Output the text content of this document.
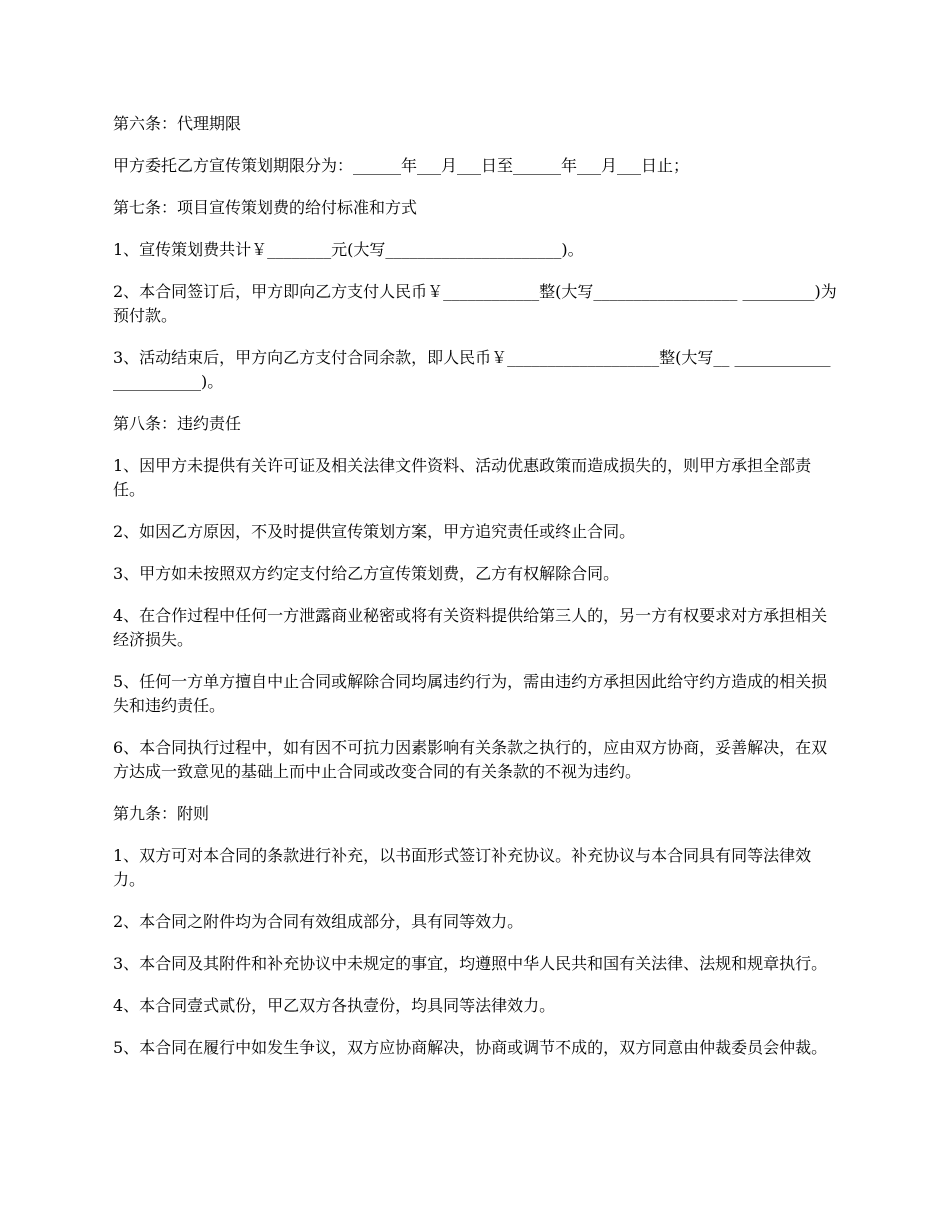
第六条：代理期限

甲方委托乙方宣传策划期限分为：______年___月___日至______年___月___日止；

第七条：项目宣传策划费的给付标准和方式

1、宣传策划费共计￥________元(大写______________________)。

2、本合同签订后，甲方即向乙方支付人民币￥____________整(大写__________________ _________)为预付款。

3、活动结束后，甲方向乙方支付合同余款，即人民币￥___________________整(大写__ _______________________)。

第八条：违约责任

1、因甲方未提供有关许可证及相关法律文件资料、活动优惠政策而造成损失的，则甲方承担全部责任。

2、如因乙方原因，不及时提供宣传策划方案，甲方追究责任或终止合同。

3、甲方如未按照双方约定支付给乙方宣传策划费，乙方有权解除合同。

4、在合作过程中任何一方泄露商业秘密或将有关资料提供给第三人的，另一方有权要求对方承担相关经济损失。

5、任何一方单方擅自中止合同或解除合同均属违约行为，需由违约方承担因此给守约方造成的相关损失和违约责任。

6、本合同执行过程中，如有因不可抗力因素影响有关条款之执行的，应由双方协商，妥善解决，在双方达成一致意见的基础上而中止合同或改变合同的有关条款的不视为违约。

第九条：附则

1、双方可对本合同的条款进行补充，以书面形式签订补充协议。补充协议与本合同具有同等法律效力。

2、本合同之附件均为合同有效组成部分，具有同等效力。

3、本合同及其附件和补充协议中未规定的事宜，均遵照中华人民共和国有关法律、法规和规章执行。

4、本合同壹式贰份，甲乙双方各执壹份，均具同等法律效力。

5、本合同在履行中如发生争议，双方应协商解决，协商或调节不成的，双方同意由仲裁委员会仲裁。
